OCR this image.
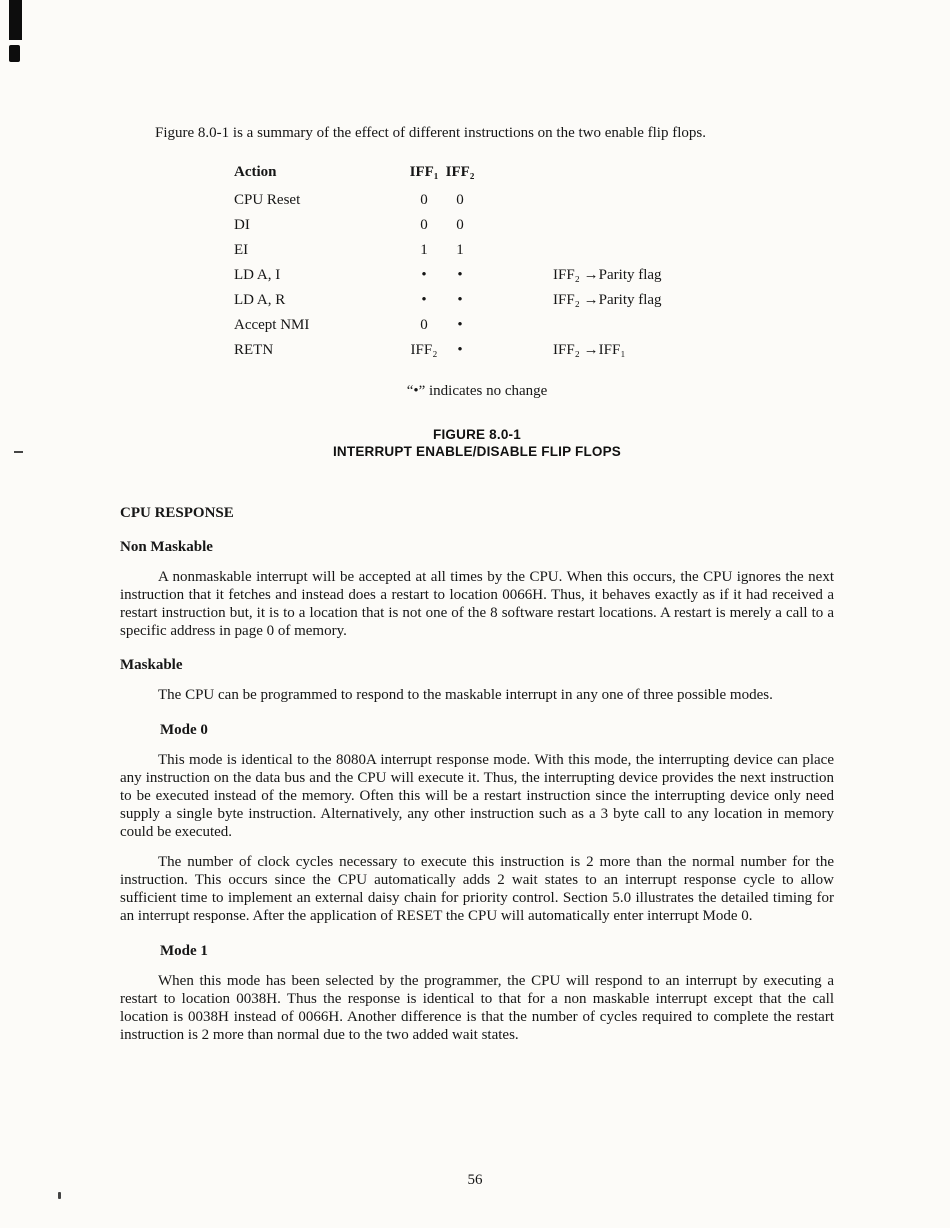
Figure 8.0-1 is a summary of the effect of different instructions on the two enable flip flops.

Action	IFF₁ IFF₂
CPU Reset	0	0
DI	0	0
EI	1	1
LD A, I	•	•	IFF₂ →Parity flag
LD A, R	•	•	IFF₂ →Parity flag
Accept NMI	0	•
RETN	IFF₂	•	IFF₂ →IFF₁

“•” indicates no change

FIGURE 8.0-1
INTERRUPT ENABLE/DISABLE FLIP FLOPS
CPU RESPONSE
Non Maskable

A nonmaskable interrupt will be accepted at all times by the CPU. When this occurs, the CPU ignores the next instruction that it fetches and instead does a restart to location 0066H. Thus, it behaves exactly as if it had received a restart instruction but, it is to a location that is not one of the 8 software restart locations. A restart is merely a call to a specific address in page 0 of memory.

Maskable

The CPU can be programmed to respond to the maskable interrupt in any one of three possible modes.

Mode 0

This mode is identical to the 8080A interrupt response mode. With this mode, the interrupting device can place any instruction on the data bus and the CPU will execute it. Thus, the interrupting device provides the next instruction to be executed instead of the memory. Often this will be a restart instruction since the interrupting device only need supply a single byte instruction. Alternatively, any other instruction such as a 3 byte call to any location in memory could be executed.

The number of clock cycles necessary to execute this instruction is 2 more than the normal number for the instruction. This occurs since the CPU automatically adds 2 wait states to an interrupt response cycle to allow sufficient time to implement an external daisy chain for priority control. Section 5.0 illustrates the detailed timing for an interrupt response. After the application of RESET the CPU will automatically enter interrupt Mode 0.

Mode 1

When this mode has been selected by the programmer, the CPU will respond to an interrupt by executing a restart to location 0038H. Thus the response is identical to that for a non maskable interrupt except that the call location is 0038H instead of 0066H. Another difference is that the number of cycles required to complete the restart instruction is 2 more than normal due to the two added wait states.

56
